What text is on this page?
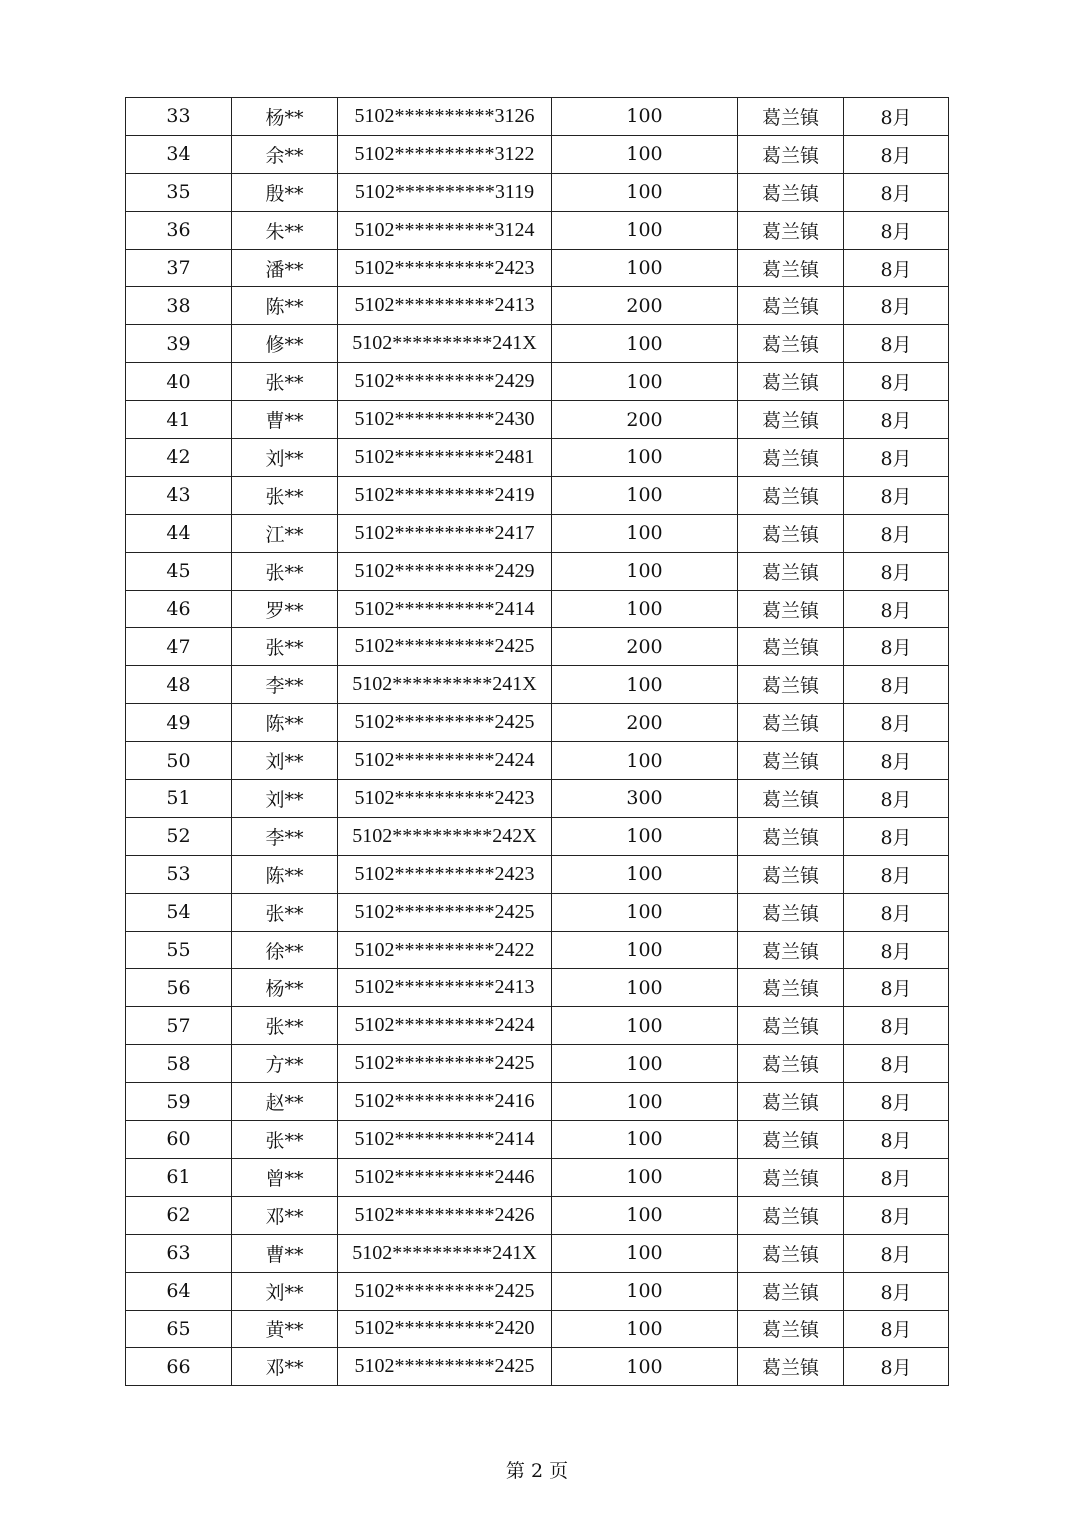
33	杨**	5102**********3126	100	葛兰镇	8月
34	余**	5102**********3122	100	葛兰镇	8月
35	殷**	5102**********3119	100	葛兰镇	8月
36	朱**	5102**********3124	100	葛兰镇	8月
37	潘**	5102**********2423	100	葛兰镇	8月
38	陈**	5102**********2413	200	葛兰镇	8月
39	修**	5102**********241X	100	葛兰镇	8月
40	张**	5102**********2429	100	葛兰镇	8月
41	曹**	5102**********2430	200	葛兰镇	8月
42	刘**	5102**********2481	100	葛兰镇	8月
43	张**	5102**********2419	100	葛兰镇	8月
44	江**	5102**********2417	100	葛兰镇	8月
45	张**	5102**********2429	100	葛兰镇	8月
46	罗**	5102**********2414	100	葛兰镇	8月
47	张**	5102**********2425	200	葛兰镇	8月
48	李**	5102**********241X	100	葛兰镇	8月
49	陈**	5102**********2425	200	葛兰镇	8月
50	刘**	5102**********2424	100	葛兰镇	8月
51	刘**	5102**********2423	300	葛兰镇	8月
52	李**	5102**********242X	100	葛兰镇	8月
53	陈**	5102**********2423	100	葛兰镇	8月
54	张**	5102**********2425	100	葛兰镇	8月
55	徐**	5102**********2422	100	葛兰镇	8月
56	杨**	5102**********2413	100	葛兰镇	8月
57	张**	5102**********2424	100	葛兰镇	8月
58	方**	5102**********2425	100	葛兰镇	8月
59	赵**	5102**********2416	100	葛兰镇	8月
60	张**	5102**********2414	100	葛兰镇	8月
61	曾**	5102**********2446	100	葛兰镇	8月
62	邓**	5102**********2426	100	葛兰镇	8月
63	曹**	5102**********241X	100	葛兰镇	8月
64	刘**	5102**********2425	100	葛兰镇	8月
65	黄**	5102**********2420	100	葛兰镇	8月
66	邓**	5102**********2425	100	葛兰镇	8月
第 2 页
